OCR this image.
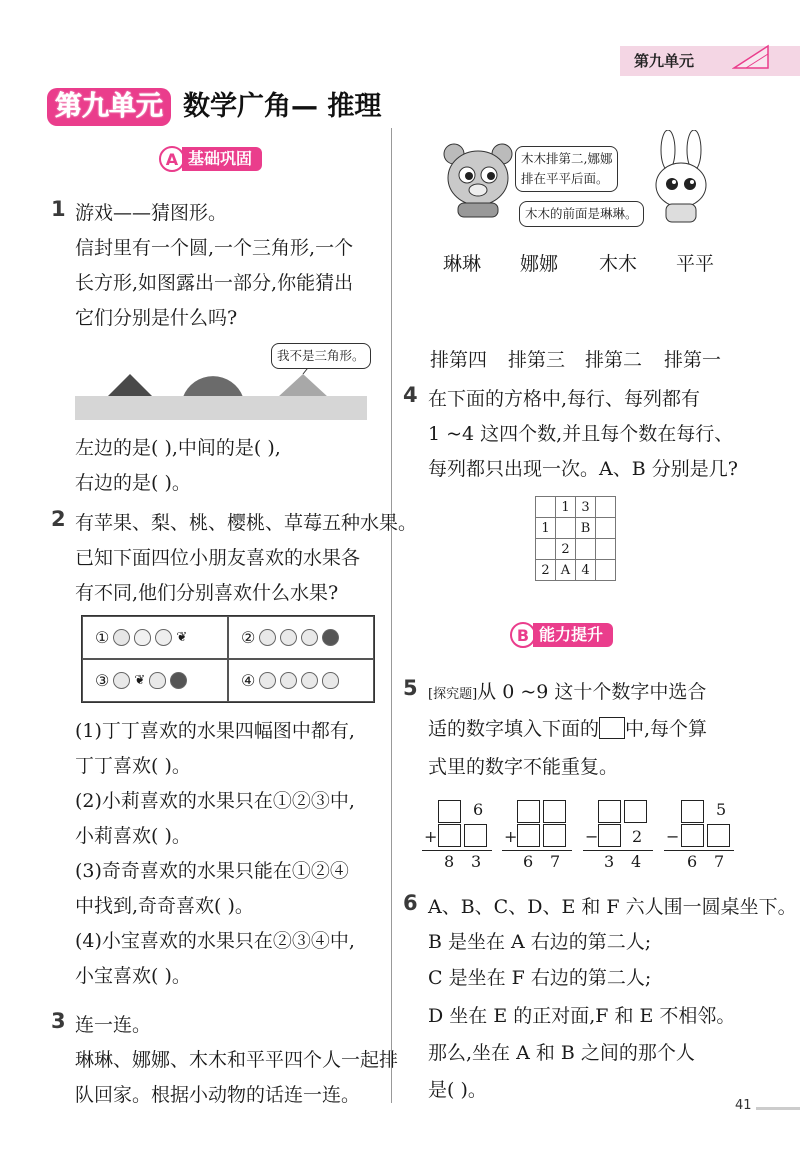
第九单元
第九单元 数学广角— 推理
A 基础巩固
1 游戏——猜图形。
信封里有一个圆,一个三角形,一个
长方形,如图露出一部分,你能猜出
它们分别是什么吗?
我不是三角形。
左边的是( ),中间的是( ),
右边的是( )。
2 有苹果、梨、桃、樱桃、草莓五种水果。
已知下面四位小朋友喜欢的水果各
有不同,他们分别喜欢什么水果?
①	❦	②
③ ❦	④
(1)丁丁喜欢的水果四幅图中都有,
丁丁喜欢( )。
(2)小莉喜欢的水果只在①②③中,
小莉喜欢( )。
(3)奇奇喜欢的水果只能在①②④
中找到,奇奇喜欢( )。
(4)小宝喜欢的水果只在②③④中,
小宝喜欢( )。
3 连一连。
琳琳、娜娜、木木和平平四个人一起排
队回家。根据小动物的话连一连。
木木排第二,娜娜
排在平平后面。
木木的前面是琳琳。
琳琳 娜娜 木木 平平
排第四 排第三 排第二 排第一
4 在下面的方格中,每行、每列都有
1 ~4 这四个数,并且每个数在每行、
每列都只出现一次。A、B 分别是几?
	1	3	
1		B	
	2		
2	A	4	
B 能力提升
5 [探究题]从 0 ~9 这十个数字中选合
适的数字填入下面的 中,每个算
式里的数字不能重复。
6
+
8 3
+
6 7
− 2
3 4
5
−
6 7
6 A、B、C、D、E 和 F 六人围一圆桌坐下。
B 是坐在 A 右边的第二人;
C 是坐在 F 右边的第二人;
D 坐在 E 的正对面,F 和 E 不相邻。
那么,坐在 A 和 B 之间的那个人
是( )。
41
